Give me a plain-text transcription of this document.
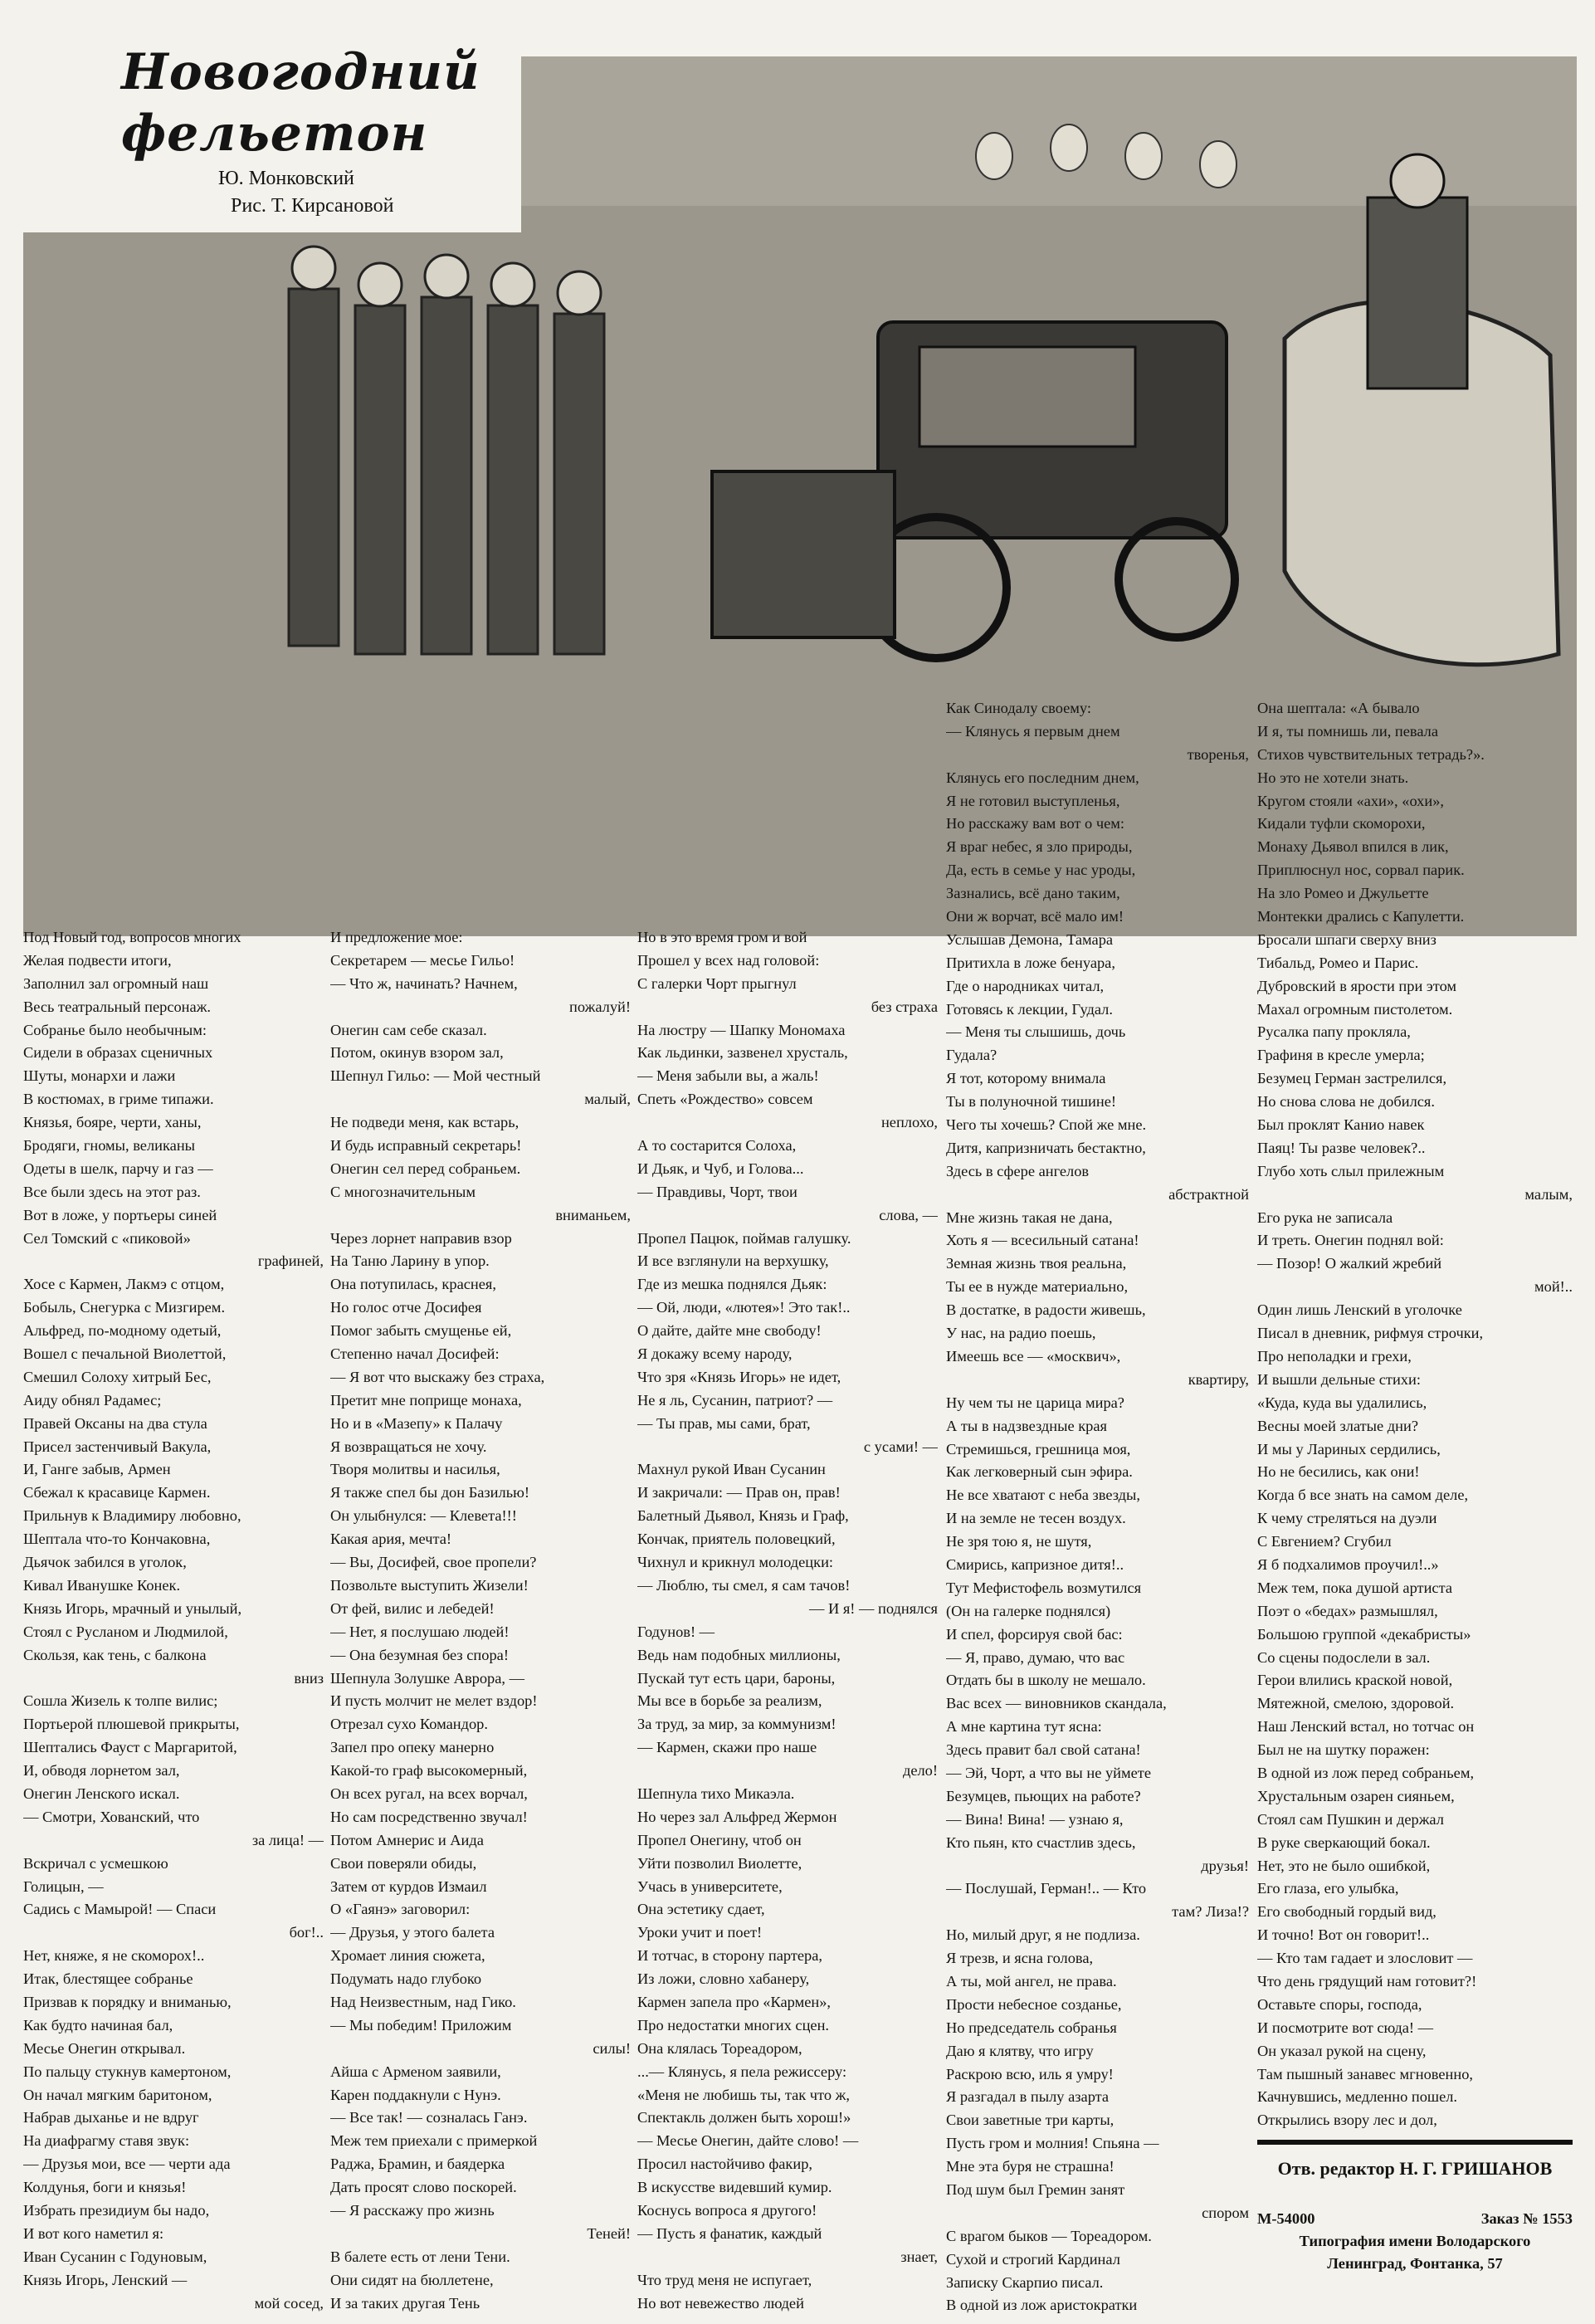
Новогодний
фельетон
Ю. Монковский
Рис. Т. Кирсановой
Под Новый год, вопросов многих
Желая подвести итоги,
Заполнил зал огромный наш
Весь театральный персонаж.
Собранье было необычным:
Сидели в образах сценичных
Шуты, монархи и лажи
В костюмах, в гриме типажи.
Князья, бояре, черти, ханы,
Бродяги, гномы, великаны
Одеты в шелк, парчу и газ —
Все были здесь на этот раз.
Вот в ложе, у портьеры синей
Сел Томский с «пиковой»
графиней,
Хосе с Кармен, Лакмэ с отцом,
Бобыль, Снегурка с Мизгирем.
Альфред, по-модному одетый,
Вошел с печальной Виолеттой,
Смешил Солоху хитрый Бес,
Аиду обнял Радамес;
Правей Оксаны на два стула
Присел застенчивый Вакула,
И, Ганге забыв, Армен
Сбежал к красавице Кармен.
Прильнув к Владимиру любовно,
Шептала что-то Кончаковна,
Дьячок забился в уголок,
Кивал Иванушке Конек.
Князь Игорь, мрачный и унылый,
Стоял с Русланом и Людмилой,
Скользя, как тень, с балкона
вниз
Сошла Жизель к толпе вилис;
Портьерой плюшевой прикрыты,
Шептались Фауст с Маргаритой,
И, обводя лорнетом зал,
Онегин Ленского искал.
— Смотри, Хованский, что
за лица! —
Вскричал с усмешкою
Голицын, —
Садись с Мамырой! — Спаси
бог!..
Нет, княже, я не скоморох!..
Итак, блестящее собранье
Призвав к порядку и вниманью,
Как будто начиная бал,
Месье Онегин открывал.
По пальцу стукнув камертоном,
Он начал мягким баритоном,
Набрав дыханье и не вдруг
На диафрагму ставя звук:
— Друзья мои, все — черти ада
Колдунья, боги и князья!
Избрать президиум бы надо,
И вот кого наметил я:
Иван Сусанин с Годуновым,
Князь Игорь, Ленский —
мой сосед,
И предложение мое:
Секретарем — месье Гильо!
— Что ж, начинать? Начнем,
пожалуй!
Онегин сам себе сказал.
Потом, окинув взором зал,
Шепнул Гильо: — Мой честный
малый,
Не подведи меня, как встарь,
И будь исправный секретарь!
Онегин сел перед собраньем.
С многозначительным
вниманьем,
Через лорнет направив взор
На Таню Ларину в упор.
Она потупилась, краснея,
Но голос отче Досифея
Помог забыть смущенье ей,
Степенно начал Досифей:
— Я вот что выскажу без страха,
Претит мне поприще монаха,
Но и в «Мазепу» к Палачу
Я возвращаться не хочу.
Творя молитвы и насилья,
Я также спел бы дон Базилью!
Он улыбнулся: — Клевета!!!
Какая ария, мечта!
— Вы, Досифей, свое пропели?
Позвольте выступить Жизели!
От фей, вилис и лебедей!
— Нет, я послушаю людей!
— Она безумная без спора!
Шепнула Золушке Аврора, —
И пусть молчит не мелет вздор!
Отрезал сухо Командор.
Запел про опеку манерно
Какой-то граф высокомерный,
Он всех ругал, на всех ворчал,
Но сам посредственно звучал!
Потом Амнерис и Аида
Свои поверяли обиды,
Затем от курдов Измаил
О «Гаянэ» заговорил:
— Друзья, у этого балета
Хромает линия сюжета,
Подумать надо глубоко
Над Неизвестным, над Гико.
— Мы победим! Приложим
силы!
Айша с Арменом заявили,
Карен поддакнули с Нунэ.
— Все так! — созналась Ганэ.
Меж тем приехали с примеркой
Раджа, Брамин, и баядерка
Дать просят слово поскорей.
— Я расскажу про жизнь
Теней!
В балете есть от лени Тени.
Они сидят на бюллетене,
И за таких другая Тень
Но в это время гром и вой
Прошел у всех над головой:
С галерки Чорт прыгнул
без страха
На люстру — Шапку Мономаха
Как льдинки, зазвенел хрусталь,
— Меня забыли вы, а жаль!
Спеть «Рождество» совсем
неплохо,
А то состарится Солоха,
И Дьяк, и Чуб, и Голова...
— Правдивы, Чорт, твои
слова, —
Пропел Пацюк, поймав галушку.
И все взглянули на верхушку,
Где из мешка поднялся Дьяк:
— Ой, люди, «лютея»! Это так!..
О дайте, дайте мне свободу!
Я докажу всему народу,
Что зря «Князь Игорь» не идет,
Не я ль, Сусанин, патриот? —
— Ты прав, мы сами, брат,
с усами! —
Махнул рукой Иван Сусанин
И закричали: — Прав он, прав!
Балетный Дьявол, Князь и Граф,
Кончак, приятель половецкий,
Чихнул и крикнул молодецки:
— Люблю, ты смел, я сам тачов!
— И я! — поднялся
Годунов! —
Ведь нам подобных миллионы,
Пускай тут есть цари, бароны,
Мы все в борьбе за реализм,
За труд, за мир, за коммунизм!
— Кармен, скажи про наше
дело!
Шепнула тихо Микаэла.
Но через зал Альфред Жермон
Пропел Онегину, чтоб он
Уйти позволил Виолетте,
Учась в университете,
Она эстетику сдает,
Уроки учит и поет!
И тотчас, в сторону партера,
Из ложи, словно хабанеру,
Кармен запела про «Кармен»,
Про недостатки многих сцен.
Она клялась Тореадором,
...— Клянусь, я пела режиссеру:
«Меня не любишь ты, так что ж,
Спектакль должен быть хорош!»
— Месье Онегин, дайте слово! —
Просил настойчиво факир,
В искусстве видевший кумир.
Коснусь вопроса я другого!
— Пусть я фанатик, каждый
знает,
Что труд меня не испугает,
Но вот невежество людей
Как Синодалу своему:
— Клянусь я первым днем
творенья,
Клянусь его последним днем,
Я не готовил выступленья,
Но расскажу вам вот о чем:
Я враг небес, я зло природы,
Да, есть в семье у нас уроды,
Зазнались, всё дано таким,
Они ж ворчат, всё мало им!
Услышав Демона, Тамара
Притихла в ложе бенуара,
Где о народниках читал,
Готовясь к лекции, Гудал.
— Меня ты слышишь, дочь
Гудала?
Я тот, которому внимала
Ты в полуночной тишине!
Чего ты хочешь? Спой же мне.
Дитя, капризничать бестактно,
Здесь в сфере ангелов
абстрактной
Мне жизнь такая не дана,
Хоть я — всесильный сатана!
Земная жизнь твоя реальна,
Ты ее в нужде материально,
В достатке, в радости живешь,
У нас, на радио поешь,
Имеешь все — «москвич»,
квартиру,
Ну чем ты не царица мира?
А ты в надзвездные края
Стремишься, грешница моя,
Как легковерный сын эфира.
Не все хватают с неба звезды,
И на земле не тесен воздух.
Не зря тою я, не шутя,
Смирись, капризное дитя!..
Тут Мефистофель возмутился
(Он на галерке поднялся)
И спел, форсируя свой бас:
— Я, право, думаю, что вас
Отдать бы в школу не мешало.
Вас всех — виновников скандала,
А мне картина тут ясна:
Здесь правит бал свой сатана!
— Эй, Чорт, а что вы не уймете
Безумцев, пьющих на работе?
— Вина! Вина! — узнаю я,
Кто пьян, кто счастлив здесь,
друзья!
— Послушай, Герман!.. — Кто
там? Лиза!?
Но, милый друг, я не подлиза.
Я трезв, и ясна голова,
А ты, мой ангел, не права.
Прости небесное созданье,
Но председатель собранья
Даю я клятву, что игру
Раскрою всю, иль я умру!
Я разгадал в пылу азарта
Свои заветные три карты,
Пусть гром и молния! Спьяна —
Мне эта буря не страшна!
Под шум был Гремин занят
спором
С врагом быков — Тореадором.
Сухой и строгий Кардинал
Записку Скарпио писал.
В одной из лож аристократки
Она шептала: «А бывало
И я, ты помнишь ли, певала
Стихов чувствительных тетрадь?».
Но это не хотели знать.
Кругом стояли «ахи», «охи»,
Кидали туфли скоморохи,
Монаху Дьявол впился в лик,
Приплюснул нос, сорвал парик.
На зло Ромео и Джульетте
Монтекки дрались с Капулетти.
Бросали шпаги сверху вниз
Тибальд, Ромео и Парис.
Дубровский в ярости при этом
Махал огромным пистолетом.
Русалка папу прокляла,
Графиня в кресле умерла;
Безумец Герман застрелился,
Но снова слова не добился.
Был проклят Канио навек
Паяц! Ты разве человек?..
Глубо хоть слыл прилежным
малым,
Его рука не записала
И треть. Онегин поднял вой:
— Позор! О жалкий жребий
мой!..
Один лишь Ленский в уголочке
Писал в дневник, рифмуя строчки,
Про неполадки и грехи,
И вышли дельные стихи:
«Куда, куда вы удалились,
Весны моей златые дни?
И мы у Лариных сердились,
Но не бесились, как они!
Когда б все знать на самом деле,
К чему стреляться на дуэли
С Евгением? Сгубил
Я б подхалимов проучил!..»
Меж тем, пока душой артиста
Поэт о «бедах» размышлял,
Большою группой «декабристы»
Со сцены подослели в зал.
Герои влились краской новой,
Мятежной, смелою, здоровой.
Наш Ленский встал, но тотчас он
Был не на шутку поражен:
В одной из лож перед собраньем,
Хрустальным озарен сияньем,
Стоял сам Пушкин и держал
В руке сверкающий бокал.
Нет, это не было ошибкой,
Его глаза, его улыбка,
Его свободный гордый вид,
И точно! Вот он говорит!..
— Кто там гадает и злословит —
Что день грядущий нам готовит?!
Оставьте споры, господа,
И посмотрите вот сюда! —
Он указал рукой на сцену,
Там пышный занавес мгновенно,
Качнувшись, медленно пошел.
Открылись взору лес и дол,
Отв. редактор Н. Г. ГРИШАНОВ
М-54000	Заказ № 1553
Типография имени Володарского
Ленинград, Фонтанка, 57
